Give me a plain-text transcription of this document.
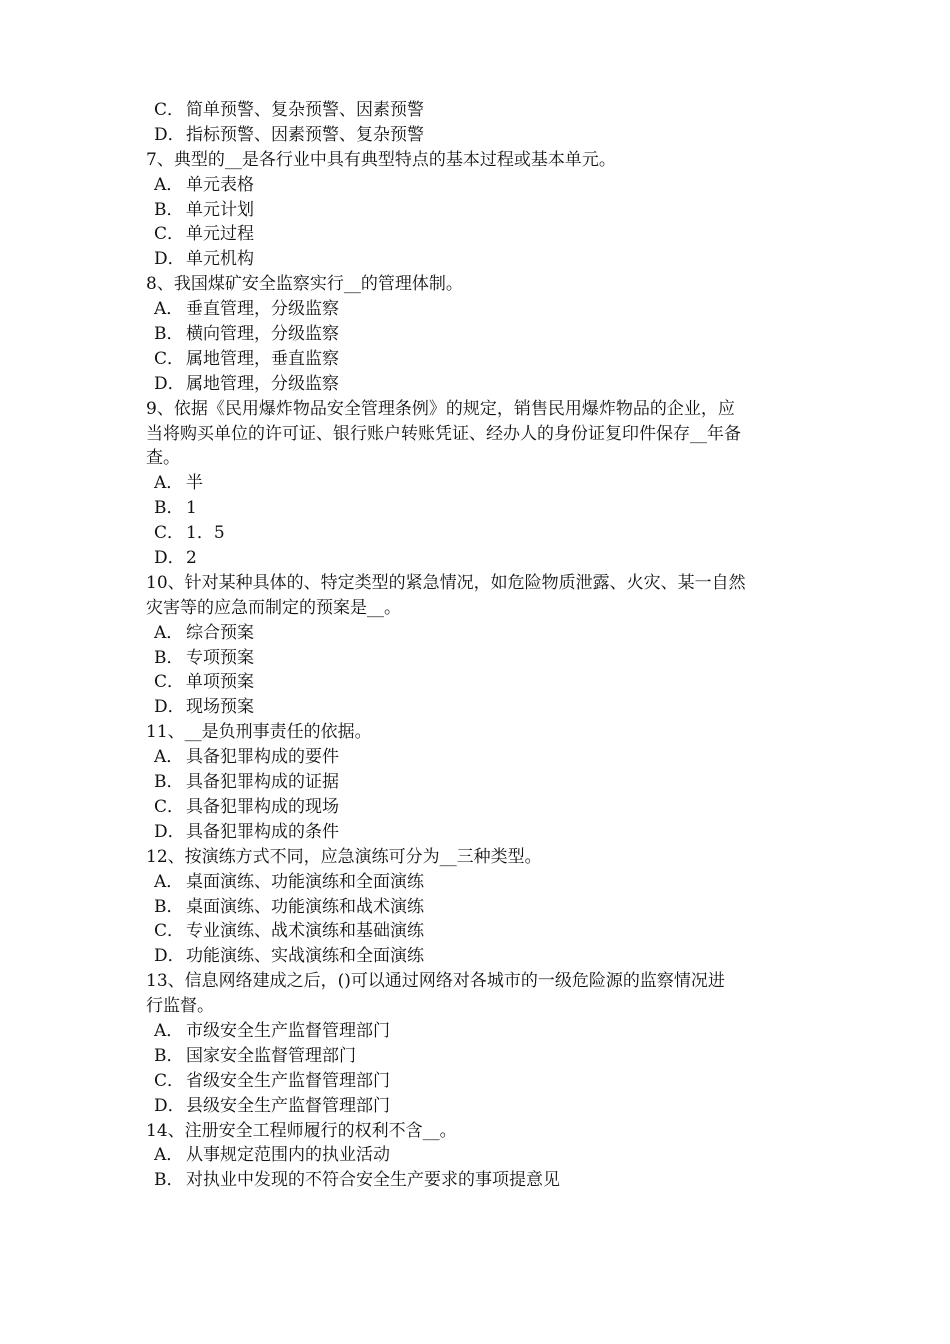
C． 简单预警、复杂预警、因素预警
D．指标预警、因素预警、复杂预警
7、典型的__是各行业中具有典型特点的基本过程或基本单元。
A． 单元表格
B． 单元计划
C． 单元过程
D．单元机构
8、我国煤矿安全监察实行__的管理体制。
A． 垂直管理，分级监察
B． 横向管理，分级监察
C． 属地管理，垂直监察
D．属地管理，分级监察
9、依据《民用爆炸物品安全管理条例》的规定，销售民用爆炸物品的企业，应
当将购买单位的许可证、银行账户转账凭证、经办人的身份证复印件保存__年备
查。
A． 半
B． 1
C． 1．5
D．2
10、针对某种具体的、特定类型的紧急情况，如危险物质泄露、火灾、某一自然
灾害等的应急而制定的预案是__。
A． 综合预案
B． 专项预案
C． 单项预案
D．现场预案
11、__是负刑事责任的依据。
A． 具备犯罪构成的要件
B． 具备犯罪构成的证据
C． 具备犯罪构成的现场
D．具备犯罪构成的条件
12、按演练方式不同，应急演练可分为__三种类型。
A． 桌面演练、功能演练和全面演练
B． 桌面演练、功能演练和战术演练
C． 专业演练、战术演练和基础演练
D．功能演练、实战演练和全面演练
13、信息网络建成之后，()可以通过网络对各城市的一级危险源的监察情况进
行监督。
A． 市级安全生产监督管理部门
B． 国家安全监督管理部门
C． 省级安全生产监督管理部门
D．县级安全生产监督管理部门
14、注册安全工程师履行的权利不含__。
A． 从事规定范围内的执业活动
B． 对执业中发现的不符合安全生产要求的事项提意见
